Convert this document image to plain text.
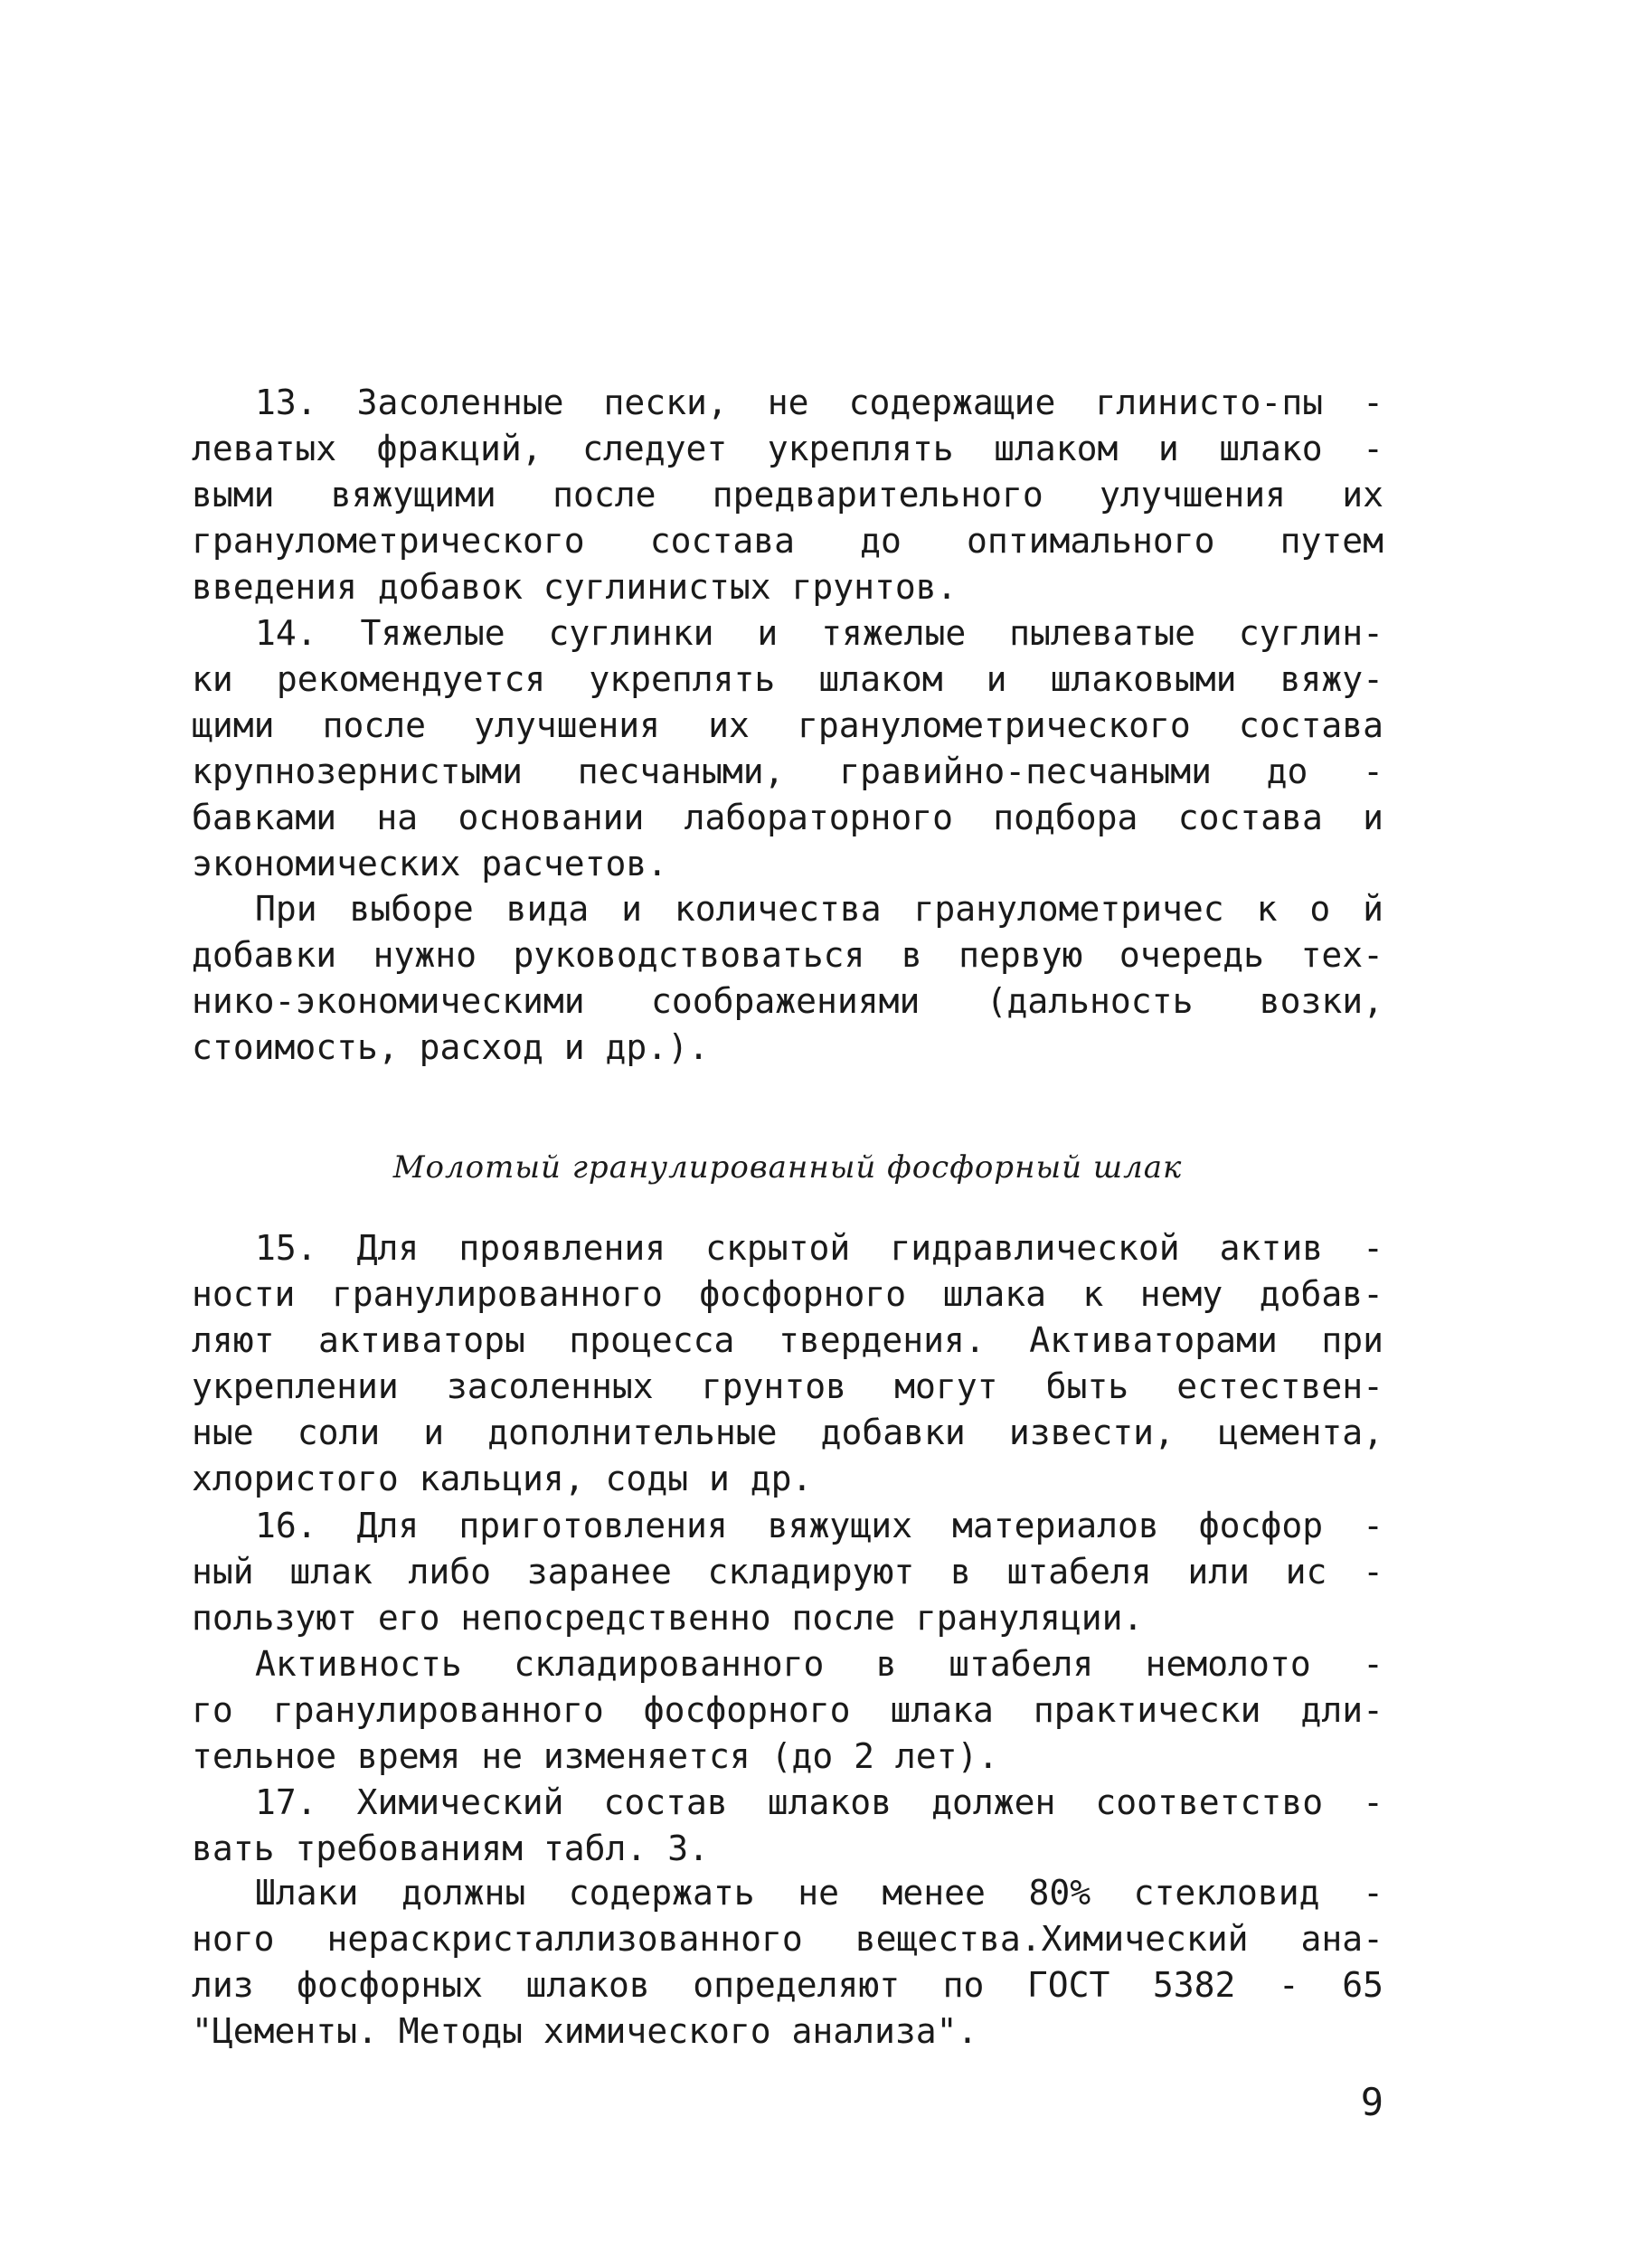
13. Засоленные пески, не содержащие глинисто-пы -
леватых фракций, следует укреплять шлаком и шлако -
выми вяжущими после предварительного улучшения их
гранулометрического состава до оптимального путем
введения добавок суглинистых грунтов.
14. Тяжелые суглинки и тяжелые пылеватые суглин-
ки рекомендуется укреплять шлаком и шлаковыми вяжу-
щими после улучшения их гранулометрического состава
крупнозернистыми песчаными, гравийно-песчаными до -
бавками на основании лабораторного подбора состава и
экономических расчетов.
При выборе вида и количества гранулометричес к о й
добавки нужно руководствоваться в первую очередь тех-
нико-экономическими соображениями (дальность возки,
стоимость, расход и др.).
Молотый гранулированный фосфорный шлак
15. Для проявления скрытой гидравлической актив -
ности гранулированного фосфорного шлака к нему добав-
ляют активаторы процесса твердения. Активаторами при
укреплении засоленных грунтов могут быть естествен-
ные соли и дополнительные добавки извести, цемента,
хлористого кальция, соды и др.
16. Для приготовления вяжущих материалов фосфор -
ный шлак либо заранее складируют в штабеля или ис -
пользуют его непосредственно после грануляции.
Активность складированного в штабеля немолото -
го гранулированного фосфорного шлака практически дли-
тельное время не изменяется (до 2 лет).
17. Химический состав шлаков должен соответство -
вать требованиям табл. 3.
Шлаки должны содержать не менее 80% стекловид -
ного нераскристаллизованного вещества.Химический ана-
лиз фосфорных шлаков определяют по ГОСТ 5382 - 65
"Цементы. Методы химического анализа".
9
